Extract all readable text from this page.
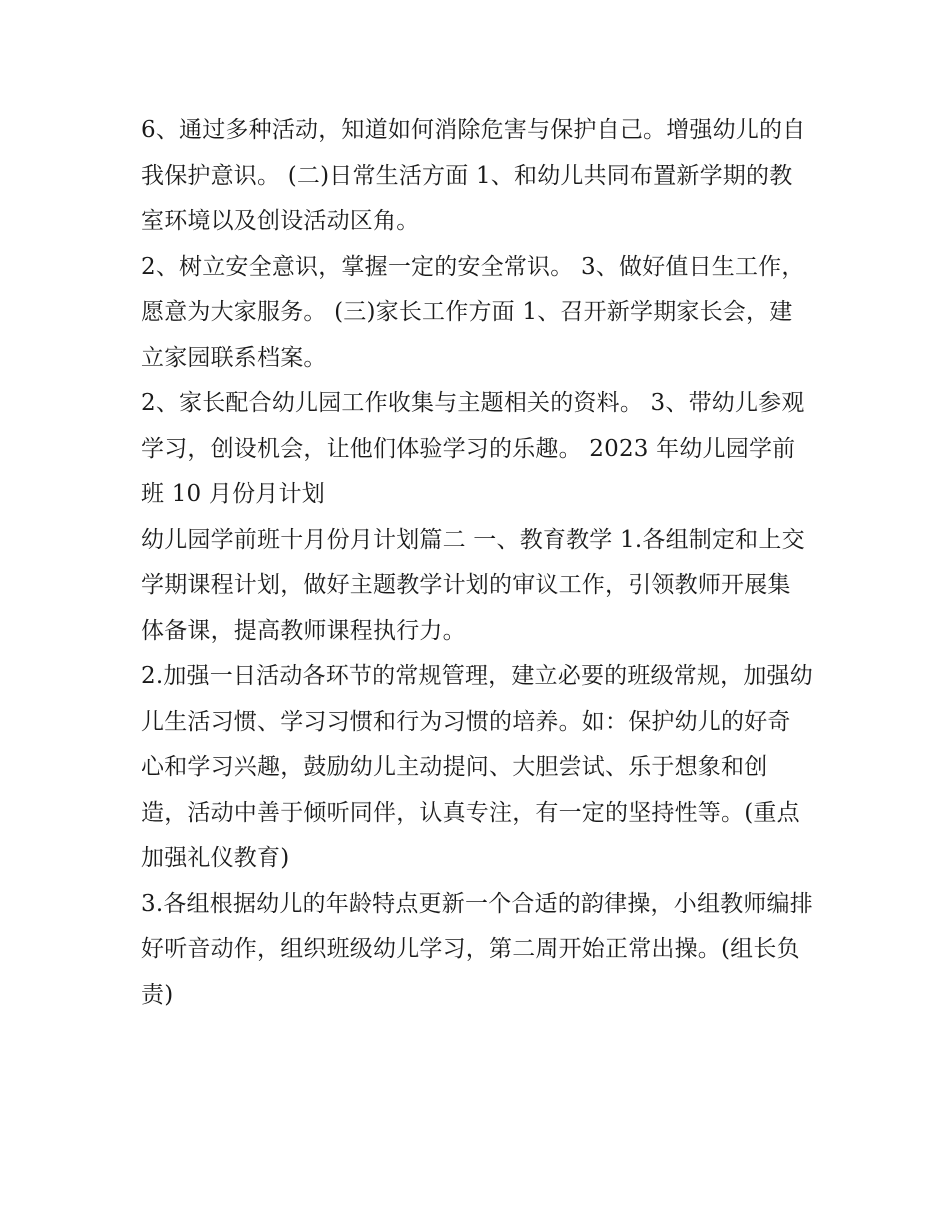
6、通过多种活动，知道如何消除危害与保护自己。增强幼儿的自我保护意识。 (二)日常生活方面 1、和幼儿共同布置新学期的教室环境以及创设活动区角。

2、树立安全意识，掌握一定的安全常识。 3、做好值日生工作，愿意为大家服务。 (三)家长工作方面 1、召开新学期家长会，建立家园联系档案。

2、家长配合幼儿园工作收集与主题相关的资料。 3、带幼儿参观学习，创设机会，让他们体验学习的乐趣。 2023 年幼儿园学前班 10 月份月计划

幼儿园学前班十月份月计划篇二 一、教育教学 1.各组制定和上交学期课程计划，做好主题教学计划的审议工作，引领教师开展集体备课，提高教师课程执行力。

2.加强一日活动各环节的常规管理，建立必要的班级常规，加强幼儿生活习惯、学习习惯和行为习惯的培养。如：保护幼儿的好奇心和学习兴趣，鼓励幼儿主动提问、大胆尝试、乐于想象和创造，活动中善于倾听同伴，认真专注，有一定的坚持性等。(重点加强礼仪教育)

3.各组根据幼儿的年龄特点更新一个合适的韵律操，小组教师编排好听音动作，组织班级幼儿学习，第二周开始正常出操。(组长负责)
